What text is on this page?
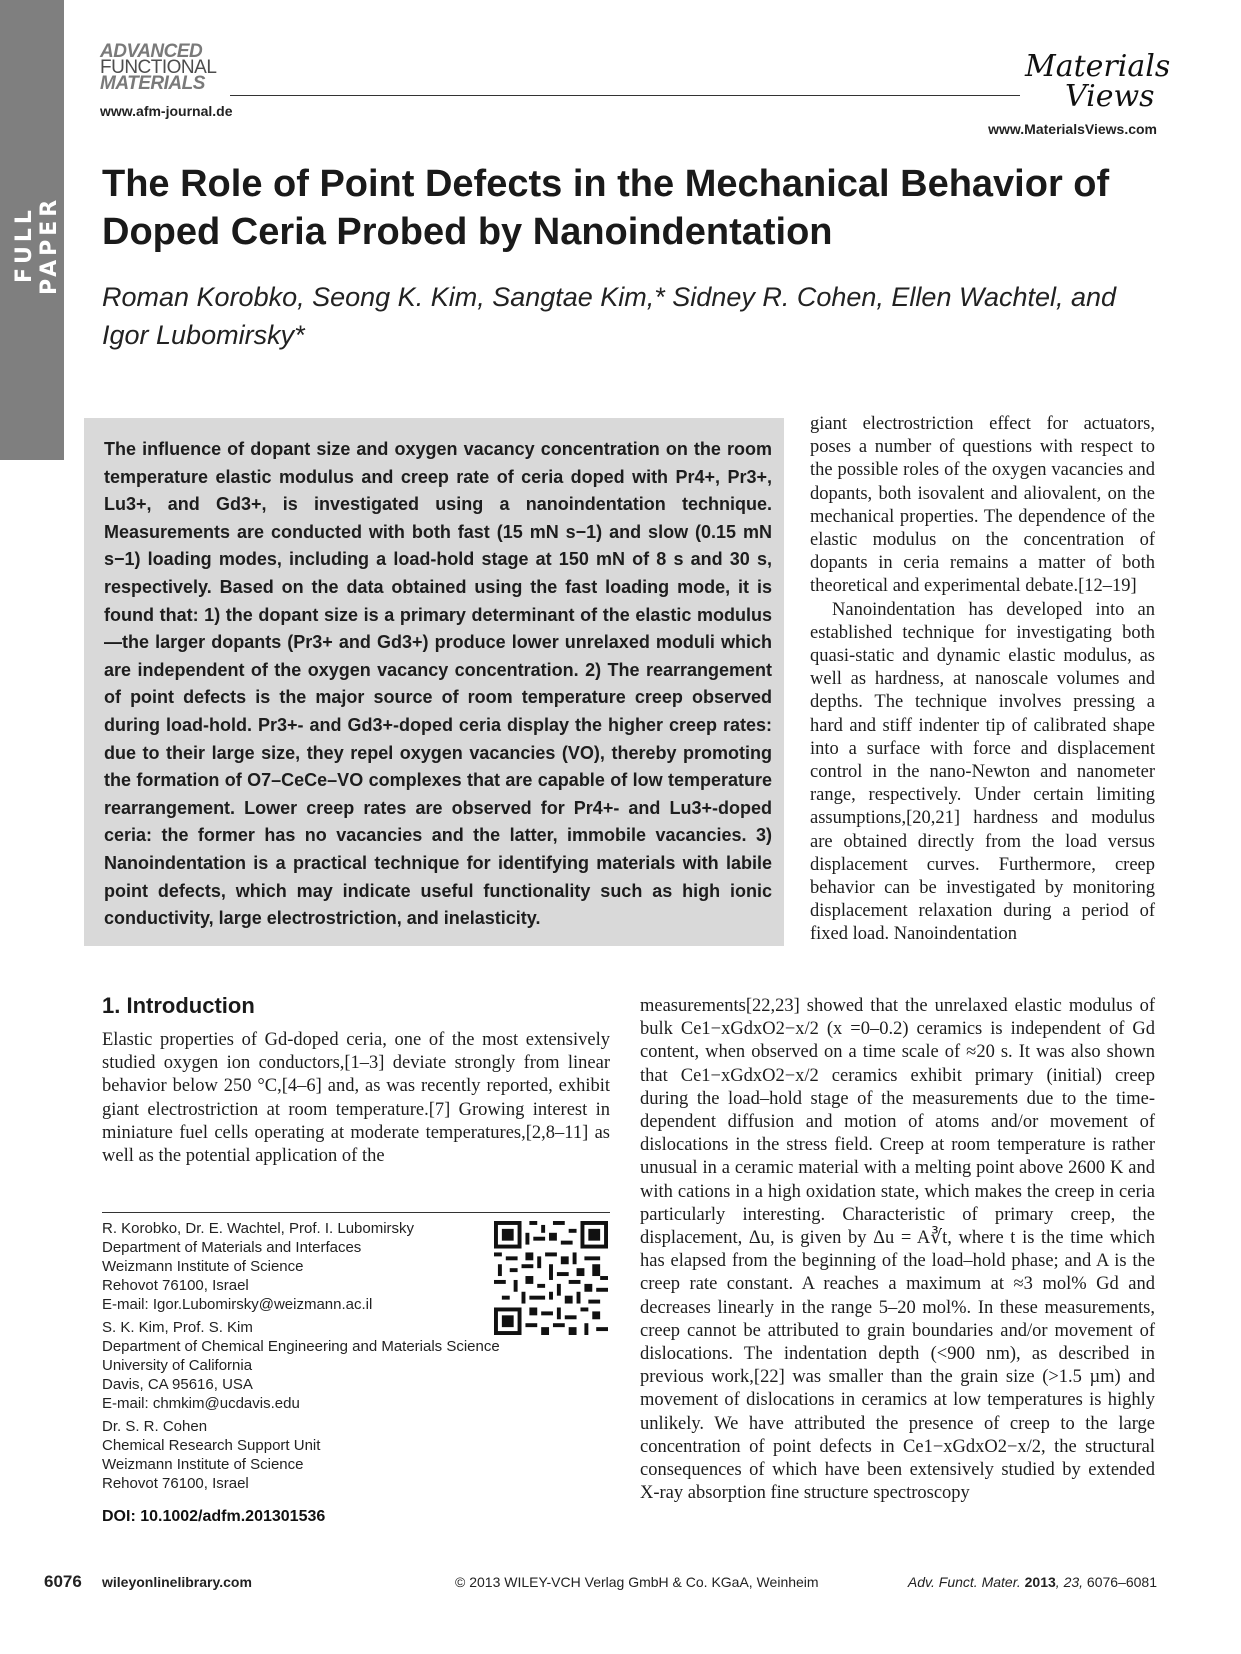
FULL PAPER
ADVANCED
FUNCTIONAL
MATERIALS
www.afm-journal.de
Materials
Views
www.MaterialsViews.com
The Role of Point Defects in the Mechanical Behavior of Doped Ceria Probed by Nanoindentation
Roman Korobko, Seong K. Kim, Sangtae Kim,* Sidney R. Cohen, Ellen Wachtel, and Igor Lubomirsky*
The influence of dopant size and oxygen vacancy concentration on the room temperature elastic modulus and creep rate of ceria doped with Pr4+, Pr3+, Lu3+, and Gd3+, is investigated using a nanoindentation technique. Measurements are conducted with both fast (15 mN s−1) and slow (0.15 mN s−1) loading modes, including a load-hold stage at 150 mN of 8 s and 30 s, respectively. Based on the data obtained using the fast loading mode, it is found that: 1) the dopant size is a primary determinant of the elastic modulus—the larger dopants (Pr3+ and Gd3+) produce lower unrelaxed moduli which are independent of the oxygen vacancy concentration. 2) The rearrangement of point defects is the major source of room temperature creep observed during load-hold. Pr3+- and Gd3+-doped ceria display the higher creep rates: due to their large size, they repel oxygen vacancies (VO), thereby promoting the formation of O7–CeCe–VO complexes that are capable of low temperature rearrangement. Lower creep rates are observed for Pr4+- and Lu3+-doped ceria: the former has no vacancies and the latter, immobile vacancies. 3) Nanoindentation is a practical technique for identifying materials with labile point defects, which may indicate useful functionality such as high ionic conductivity, large electrostriction, and inelasticity.

giant electrostriction effect for actuators, poses a number of questions with respect to the possible roles of the oxygen vacancies and dopants, both isovalent and aliovalent, on the mechanical properties. The dependence of the elastic modulus on the concentration of dopants in ceria remains a matter of both theoretical and experimental debate.[12–19]

Nanoindentation has developed into an established technique for investigating both quasi-static and dynamic elastic modulus, as well as hardness, at nanoscale volumes and depths. The technique involves pressing a hard and stiff indenter tip of calibrated shape into a surface with force and displacement control in the nano-Newton and nanometer range, respectively. Under certain limiting assumptions,[20,21] hardness and modulus are obtained directly from the load versus displacement curves. Furthermore, creep behavior can be investigated by monitoring displacement relaxation during a period of fixed load. Nanoindentation

1. Introduction
Elastic properties of Gd-doped ceria, one of the most extensively studied oxygen ion conductors,[1–3] deviate strongly from linear behavior below 250 °C,[4–6] and, as was recently reported, exhibit giant electrostriction at room temperature.[7] Growing interest in miniature fuel cells operating at moderate temperatures,[2,8–11] as well as the potential application of the
measurements[22,23] showed that the unrelaxed elastic modulus of bulk Ce1−xGdxO2−x/2 (x =0–0.2) ceramics is independent of Gd content, when observed on a time scale of ≈20 s. It was also shown that Ce1−xGdxO2−x/2 ceramics exhibit primary (initial) creep during the load–hold stage of the measurements due to the time-dependent diffusion and motion of atoms and/or movement of dislocations in the stress field. Creep at room temperature is rather unusual in a ceramic material with a melting point above 2600 K and with cations in a high oxidation state, which makes the creep in ceria particularly interesting. Characteristic of primary creep, the displacement, Δu, is given by Δu = A∛t, where t is the time which has elapsed from the beginning of the load–hold phase; and A is the creep rate constant. A reaches a maximum at ≈3 mol% Gd and decreases linearly in the range 5–20 mol%. In these measurements, creep cannot be attributed to grain boundaries and/or movement of dislocations. The indentation depth (<900 nm), as described in previous work,[22] was smaller than the grain size (>1.5 µm) and movement of dislocations in ceramics at low temperatures is highly unlikely. We have attributed the presence of creep to the large concentration of point defects in Ce1−xGdxO2−x/2, the structural consequences of which have been extensively studied by extended X-ray absorption fine structure spectroscopy
R. Korobko, Dr. E. Wachtel, Prof. I. Lubomirsky
Department of Materials and Interfaces
Weizmann Institute of Science
Rehovot 76100, Israel
E-mail: Igor.Lubomirsky@weizmann.ac.il
S. K. Kim, Prof. S. Kim
Department of Chemical Engineering and Materials Science
University of California
Davis, CA 95616, USA
E-mail: chmkim@ucdavis.edu
Dr. S. R. Cohen
Chemical Research Support Unit
Weizmann Institute of Science
Rehovot 76100, Israel
DOI: 10.1002/adfm.201301536
6076 wileyonlinelibrary.com	© 2013 WILEY-VCH Verlag GmbH & Co. KGaA, Weinheim	Adv. Funct. Mater. 2013, 23, 6076–6081
